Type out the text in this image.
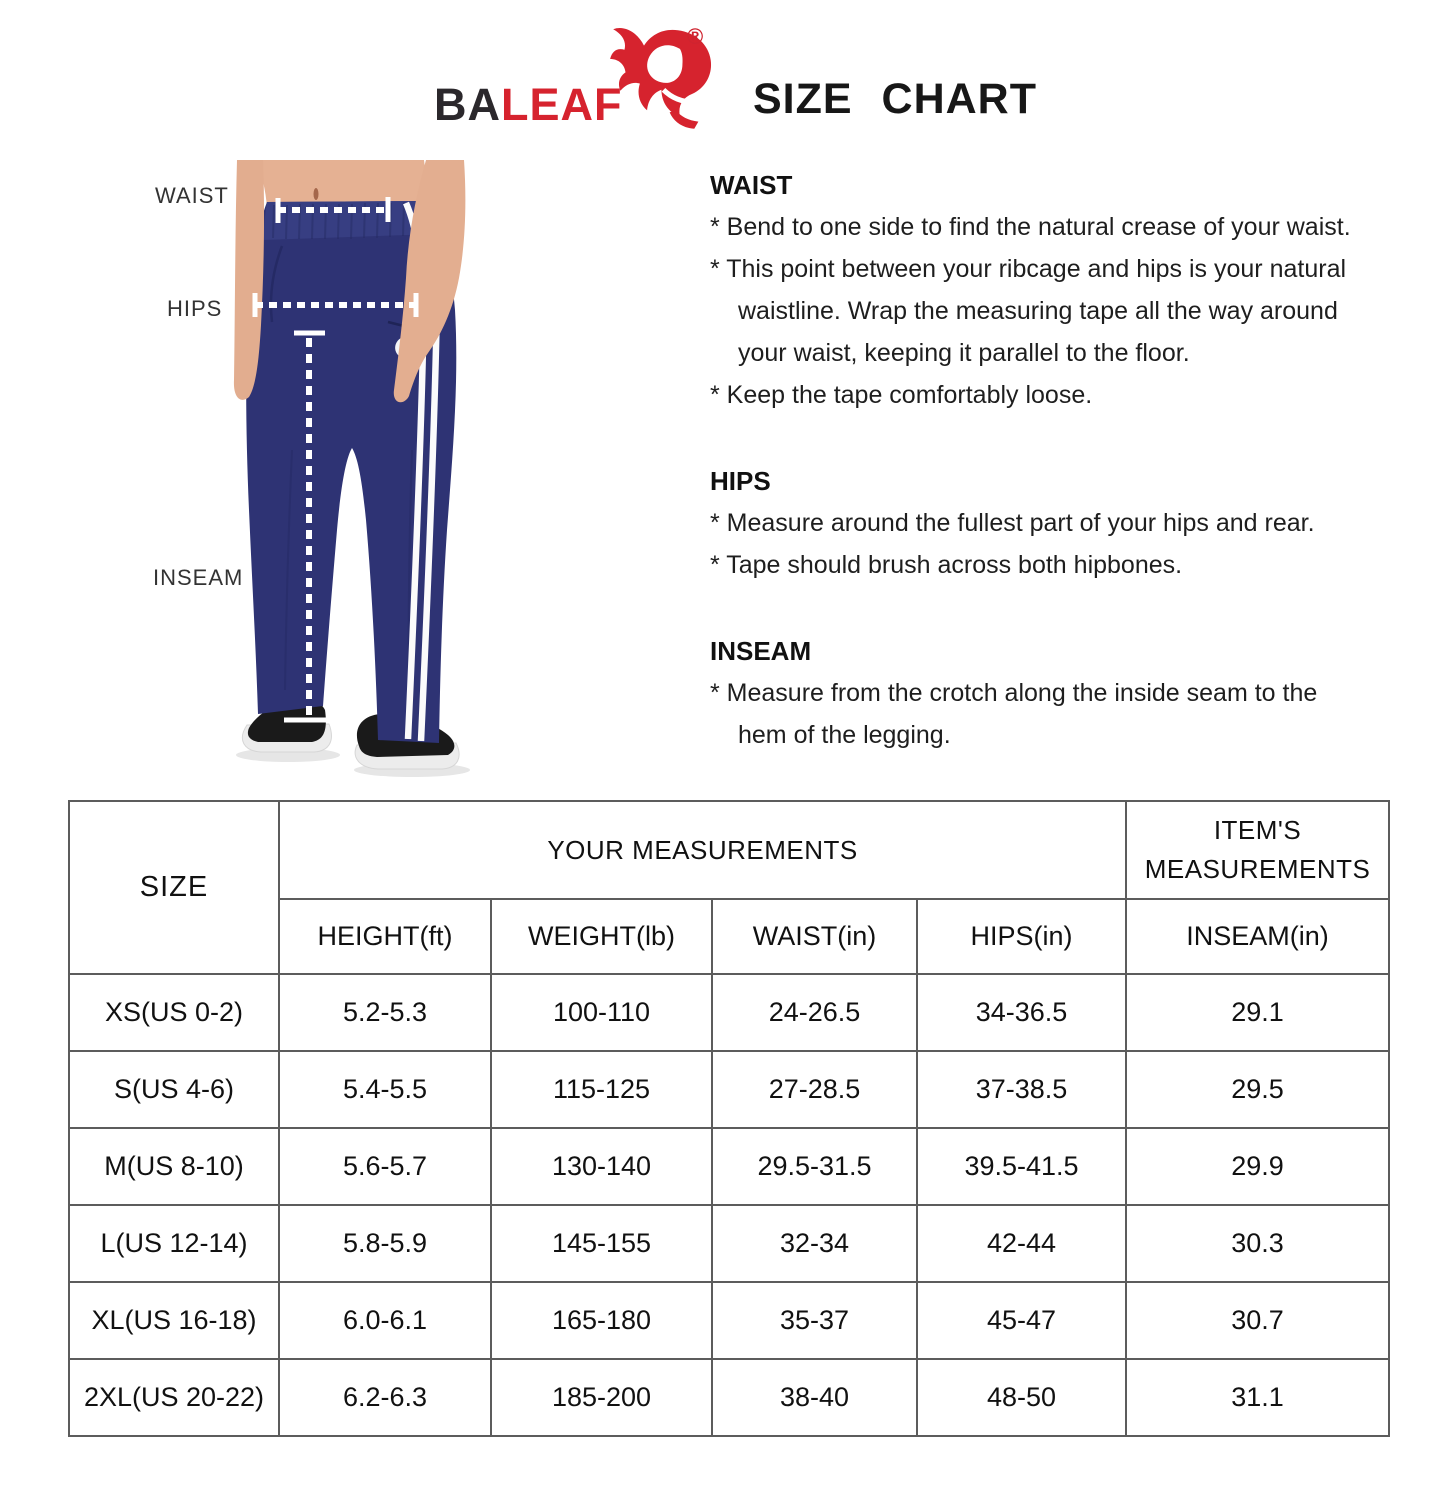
BALEAF
®
SIZE CHART
WAIST
HIPS
INSEAM
WAIST
* Bend to one side to find the natural crease of your waist.
* This point between your ribcage and hips is your natural
waistline. Wrap the measuring tape all the way around
your waist, keeping it parallel to the floor.
* Keep the tape comfortably loose.
HIPS
* Measure around the fullest part of your hips and rear.
* Tape should brush across both hipbones.
INSEAM
* Measure from the crotch along the inside seam to the
hem of the legging.
SIZE	YOUR MEASUREMENTS				ITEM'S MEASUREMENTS
	HEIGHT(ft)	WEIGHT(lb)	WAIST(in)	HIPS(in)	INSEAM(in)
XS(US 0-2)	5.2-5.3	100-110	24-26.5	34-36.5	29.1
S(US 4-6)	5.4-5.5	115-125	27-28.5	37-38.5	29.5
M(US 8-10)	5.6-5.7	130-140	29.5-31.5	39.5-41.5	29.9
L(US 12-14)	5.8-5.9	145-155	32-34	42-44	30.3
XL(US 16-18)	6.0-6.1	165-180	35-37	45-47	30.7
2XL(US 20-22)	6.2-6.3	185-200	38-40	48-50	31.1
